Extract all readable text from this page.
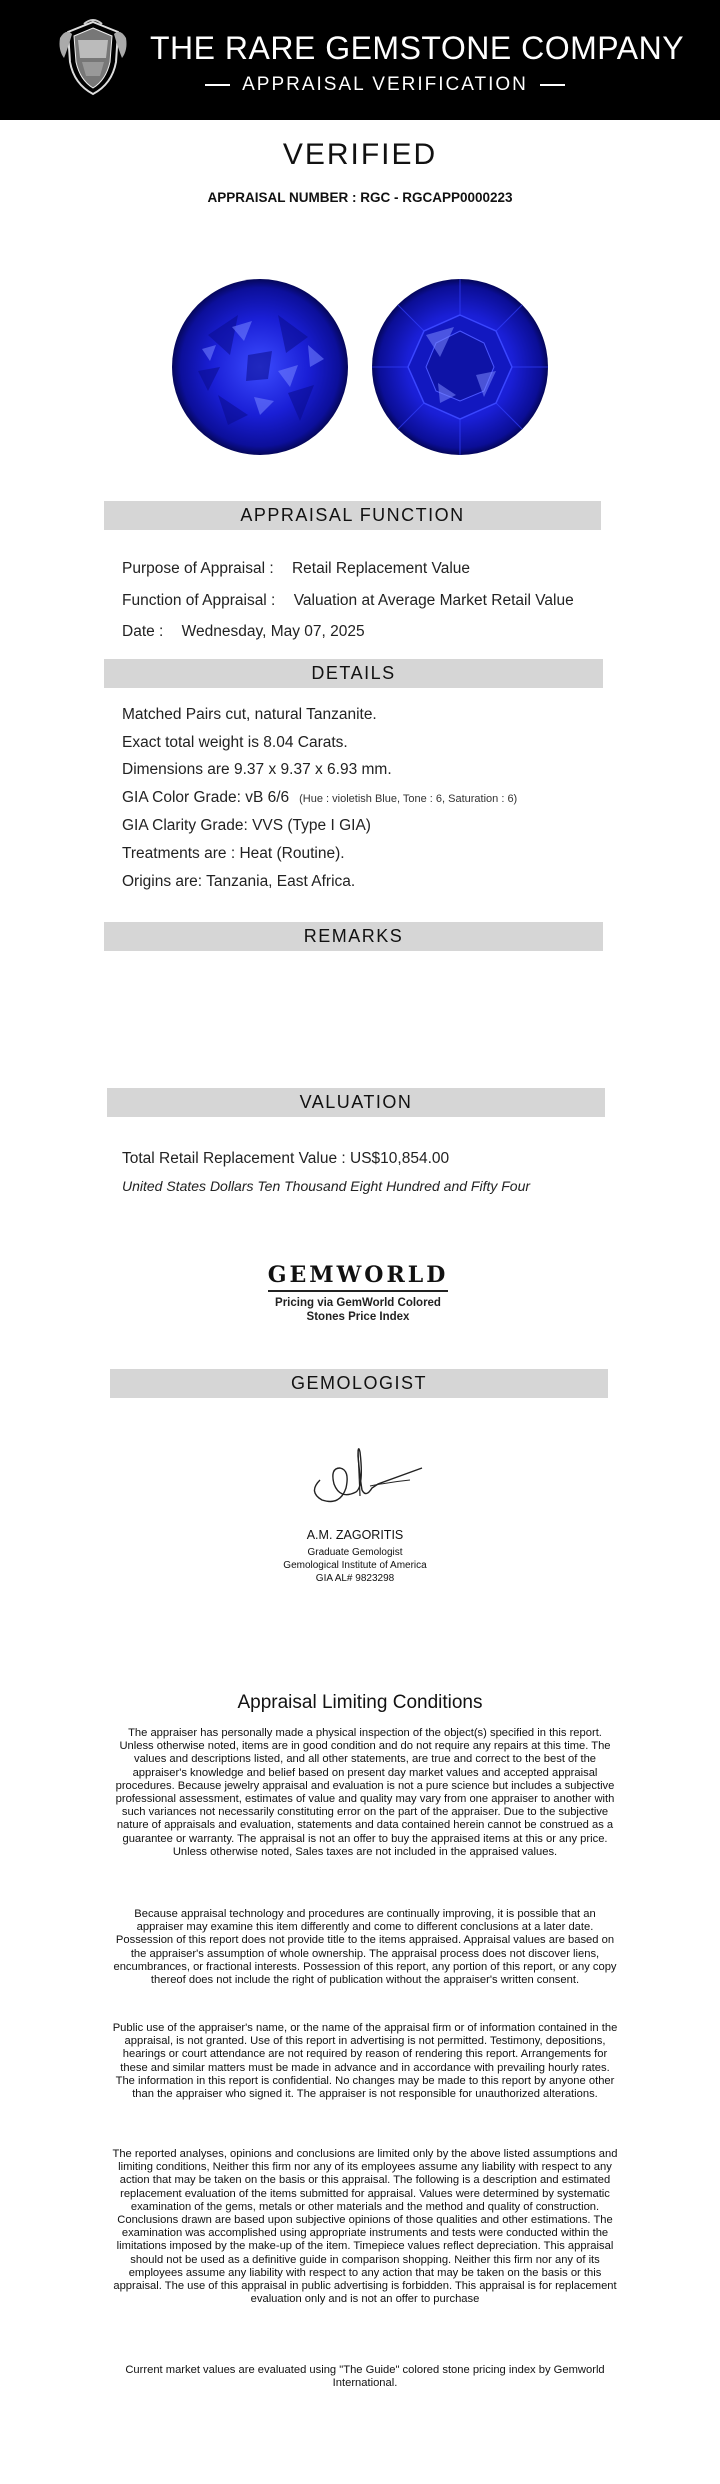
THE RARE GEMSTONE COMPANY
APPRAISAL VERIFICATION
VERIFIED
APPRAISAL NUMBER : RGC - RGCAPP0000223
APPRAISAL FUNCTION
Purpose of Appraisal : Retail Replacement Value
Function of Appraisal : Valuation at Average Market Retail Value
Date : Wednesday, May 07, 2025
DETAILS
Matched Pairs cut, natural Tanzanite.
Exact total weight is 8.04 Carats.
Dimensions are 9.37 x 9.37 x 6.93 mm.
GIA Color Grade: vB 6/6 (Hue : violetish Blue, Tone : 6, Saturation : 6)
GIA Clarity Grade: VVS (Type I GIA)
Treatments are : Heat (Routine).
Origins are: Tanzania, East Africa.
REMARKS
VALUATION
Total Retail Replacement Value : US$10,854.00
United States Dollars Ten Thousand Eight Hundred and Fifty Four
GEMWORLD
Pricing via GemWorld Colored
Stones Price Index
GEMOLOGIST
A.M. ZAGORITIS
Graduate Gemologist
Gemological Institute of America
GIA AL# 9823298
Appraisal Limiting Conditions
The appraiser has personally made a physical inspection of the object(s) specified in this report. Unless otherwise noted, items are in good condition and do not require any repairs at this time. The values and descriptions listed, and all other statements, are true and correct to the best of the appraiser's knowledge and belief based on present day market values and accepted appraisal procedures. Because jewelry appraisal and evaluation is not a pure science but includes a subjective professional assessment, estimates of value and quality may vary from one appraiser to another with such variances not necessarily constituting error on the part of the appraiser. Due to the subjective nature of appraisals and evaluation, statements and data contained herein cannot be construed as a guarantee or warranty. The appraisal is not an offer to buy the appraised items at this or any price. Unless otherwise noted, Sales taxes are not included in the appraised values.
Because appraisal technology and procedures are continually improving, it is possible that an appraiser may examine this item differently and come to different conclusions at a later date. Possession of this report does not provide title to the items appraised. Appraisal values are based on the appraiser's assumption of whole ownership. The appraisal process does not discover liens, encumbrances, or fractional interests. Possession of this report, any portion of this report, or any copy thereof does not include the right of publication without the appraiser's written consent.
Public use of the appraiser's name, or the name of the appraisal firm or of information contained in the appraisal, is not granted. Use of this report in advertising is not permitted. Testimony, depositions, hearings or court attendance are not required by reason of rendering this report. Arrangements for these and similar matters must be made in advance and in accordance with prevailing hourly rates. The information in this report is confidential. No changes may be made to this report by anyone other than the appraiser who signed it. The appraiser is not responsible for unauthorized alterations.
The reported analyses, opinions and conclusions are limited only by the above listed assumptions and limiting conditions, Neither this firm nor any of its employees assume any liability with respect to any action that may be taken on the basis or this appraisal. The following is a description and estimated replacement evaluation of the items submitted for appraisal. Values were determined by systematic examination of the gems, metals or other materials and the method and quality of construction. Conclusions drawn are based upon subjective opinions of those qualities and other estimations. The examination was accomplished using appropriate instruments and tests were conducted within the limitations imposed by the make-up of the item. Timepiece values reflect depreciation. This appraisal should not be used as a definitive guide in comparison shopping. Neither this firm nor any of its employees assume any liability with respect to any action that may be taken on the basis or this appraisal. The use of this appraisal in public advertising is forbidden. This appraisal is for replacement evaluation only and is not an offer to purchase
Current market values are evaluated using "The Guide" colored stone pricing index by Gemworld International.
